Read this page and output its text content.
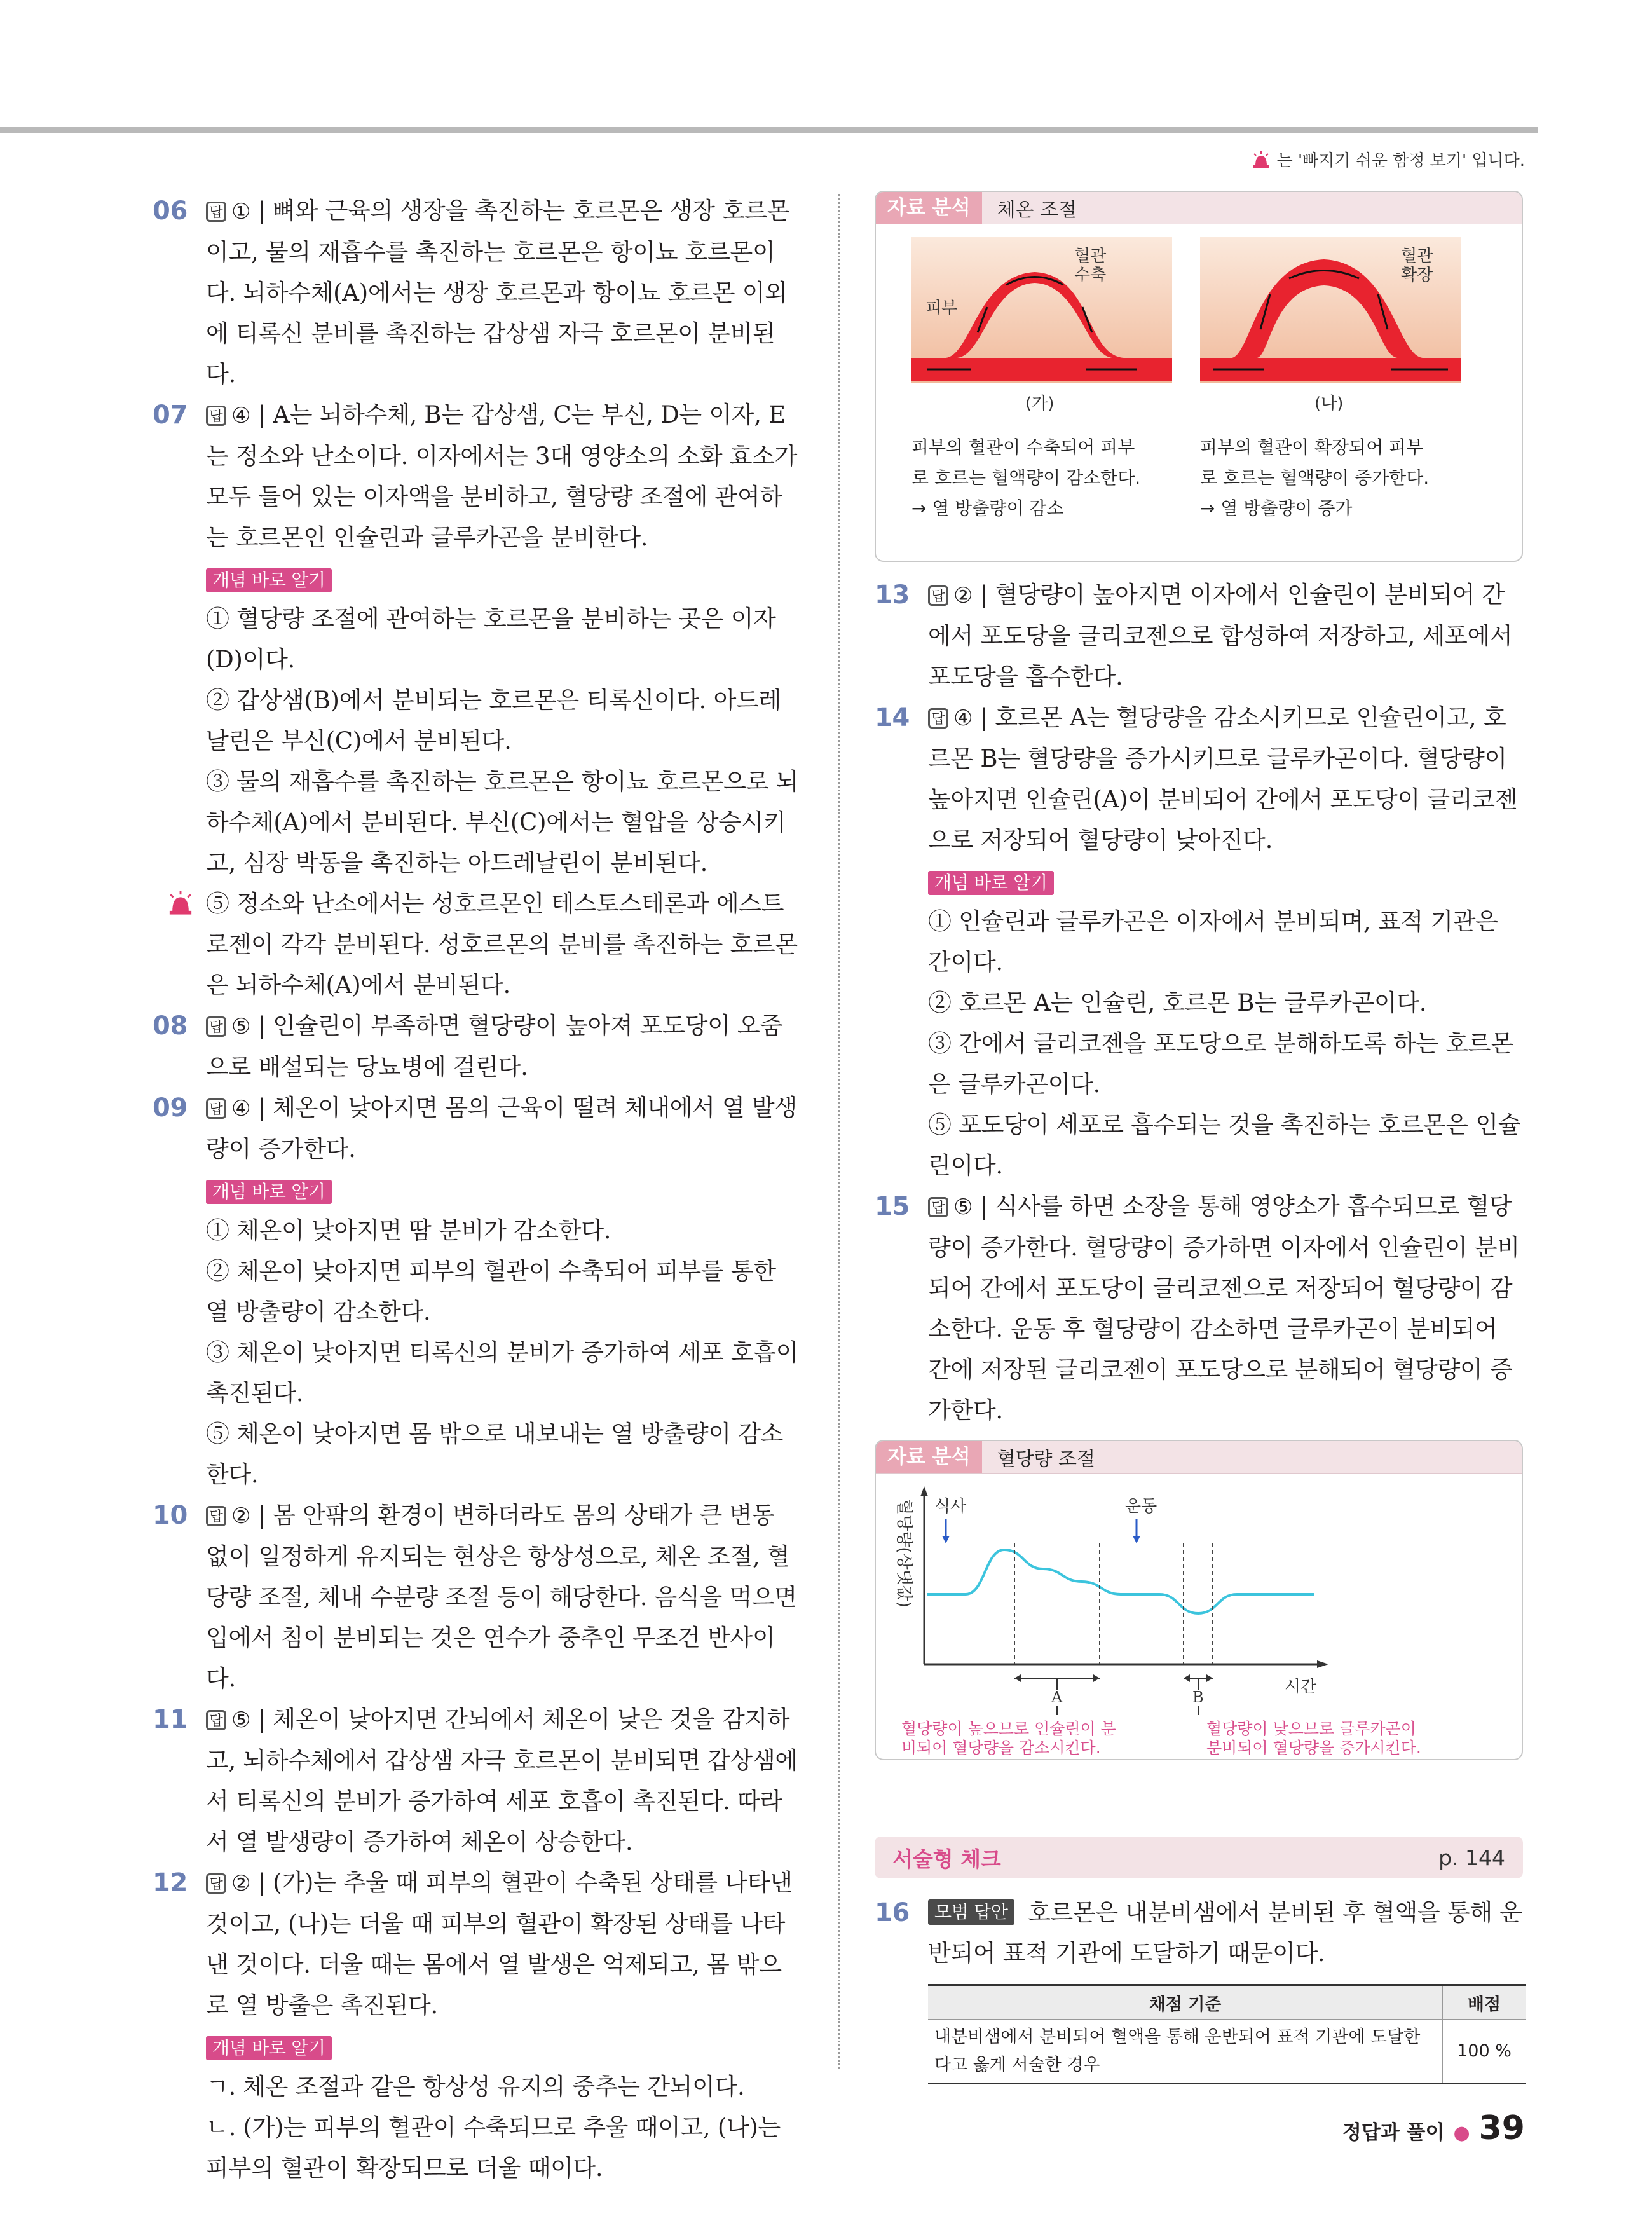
는 '빠지기 쉬운 함정 보기' 입니다.
06 답 ① | 뼈와 근육의 생장을 촉진하는 호르몬은 생장 호르몬이고, 물의 재흡수를 촉진하는 호르몬은 항이뇨 호르몬이다. 뇌하수체(A)에서는 생장 호르몬과 항이뇨 호르몬 이외에 티록신 분비를 촉진하는 갑상샘 자극 호르몬이 분비된다.
07 답 ④ | A는 뇌하수체, B는 갑상샘, C는 부신, D는 이자, E는 정소와 난소이다. 이자에서는 3대 영양소의 소화 효소가 모두 들어 있는 이자액을 분비하고, 혈당량 조절에 관여하는 호르몬인 인슐린과 글루카곤을 분비한다.
개념 바로 알기
① 혈당량 조절에 관여하는 호르몬을 분비하는 곳은 이자(D)이다.
② 갑상샘(B)에서 분비되는 호르몬은 티록신이다. 아드레날린은 부신(C)에서 분비된다.
③ 물의 재흡수를 촉진하는 호르몬은 항이뇨 호르몬으로 뇌하수체(A)에서 분비된다. 부신(C)에서는 혈압을 상승시키고, 심장 박동을 촉진하는 아드레날린이 분비된다.
⑤ 정소와 난소에서는 성호르몬인 테스토스테론과 에스트로젠이 각각 분비된다. 성호르몬의 분비를 촉진하는 호르몬은 뇌하수체(A)에서 분비된다.
08 답 ⑤ | 인슐린이 부족하면 혈당량이 높아져 포도당이 오줌으로 배설되는 당뇨병에 걸린다.
09 답 ④ | 체온이 낮아지면 몸의 근육이 떨려 체내에서 열 발생량이 증가한다.
개념 바로 알기
① 체온이 낮아지면 땀 분비가 감소한다.
② 체온이 낮아지면 피부의 혈관이 수축되어 피부를 통한 열 방출량이 감소한다.
③ 체온이 낮아지면 티록신의 분비가 증가하여 세포 호흡이 촉진된다.
⑤ 체온이 낮아지면 몸 밖으로 내보내는 열 방출량이 감소한다.
10 답 ② | 몸 안팎의 환경이 변하더라도 몸의 상태가 큰 변동 없이 일정하게 유지되는 현상은 항상성으로, 체온 조절, 혈당량 조절, 체내 수분량 조절 등이 해당한다. 음식을 먹으면 입에서 침이 분비되는 것은 연수가 중추인 무조건 반사이다.
11 답 ⑤ | 체온이 낮아지면 간뇌에서 체온이 낮은 것을 감지하고, 뇌하수체에서 갑상샘 자극 호르몬이 분비되면 갑상샘에서 티록신의 분비가 증가하여 세포 호흡이 촉진된다. 따라서 열 발생량이 증가하여 체온이 상승한다.
12 답 ② | (가)는 추울 때 피부의 혈관이 수축된 상태를 나타낸 것이고, (나)는 더울 때 피부의 혈관이 확장된 상태를 나타낸 것이다. 더울 때는 몸에서 열 발생은 억제되고, 몸 밖으로 열 방출은 촉진된다.
개념 바로 알기
ㄱ. 체온 조절과 같은 항상성 유지의 중추는 간뇌이다.
ㄴ. (가)는 피부의 혈관이 수축되므로 추울 때이고, (나)는 피부의 혈관이 확장되므로 더울 때이다.
자료 분석	체온 조절
피부
혈관
수축
(가)
혈관
확장
(나)
피부의 혈관이 수축되어 피부
로 흐르는 혈액량이 감소한다.
→ 열 방출량이 감소
피부의 혈관이 확장되어 피부
로 흐르는 혈액량이 증가한다.
→ 열 방출량이 증가
13 답 ② | 혈당량이 높아지면 이자에서 인슐린이 분비되어 간에서 포도당을 글리코젠으로 합성하여 저장하고, 세포에서 포도당을 흡수한다.
14 답 ④ | 호르몬 A는 혈당량을 감소시키므로 인슐린이고, 호르몬 B는 혈당량을 증가시키므로 글루카곤이다. 혈당량이 높아지면 인슐린(A)이 분비되어 간에서 포도당이 글리코젠으로 저장되어 혈당량이 낮아진다.
개념 바로 알기
① 인슐린과 글루카곤은 이자에서 분비되며, 표적 기관은 간이다.
② 호르몬 A는 인슐린, 호르몬 B는 글루카곤이다.
③ 간에서 글리코젠을 포도당으로 분해하도록 하는 호르몬은 글루카곤이다.
⑤ 포도당이 세포로 흡수되는 것을 촉진하는 호르몬은 인슐린이다.
15 답 ⑤ | 식사를 하면 소장을 통해 영양소가 흡수되므로 혈당량이 증가한다. 혈당량이 증가하면 이자에서 인슐린이 분비되어 간에서 포도당이 글리코젠으로 저장되어 혈당량이 감소한다. 운동 후 혈당량이 감소하면 글루카곤이 분비되어 간에 저장된 글리코젠이 포도당으로 분해되어 혈당량이 증가한다.
자료 분석	혈당량 조절
혈당량(상댓값)
시간
식사	운동
A	B
혈당량이 높으므로 인슐린이 분
비되어 혈당량을 감소시킨다.
혈당량이 낮으므로 글루카곤이
분비되어 혈당량을 증가시킨다.
서술형 체크	p. 144
16 모범 답안 호르몬은 내분비샘에서 분비된 후 혈액을 통해 운반되어 표적 기관에 도달하기 때문이다.
채점 기준	배점
내분비샘에서 분비되어 혈액을 통해 운반되어 표적 기관에 도달한다고 옳게 서술한 경우	100 %
정답과 풀이 ● 39
